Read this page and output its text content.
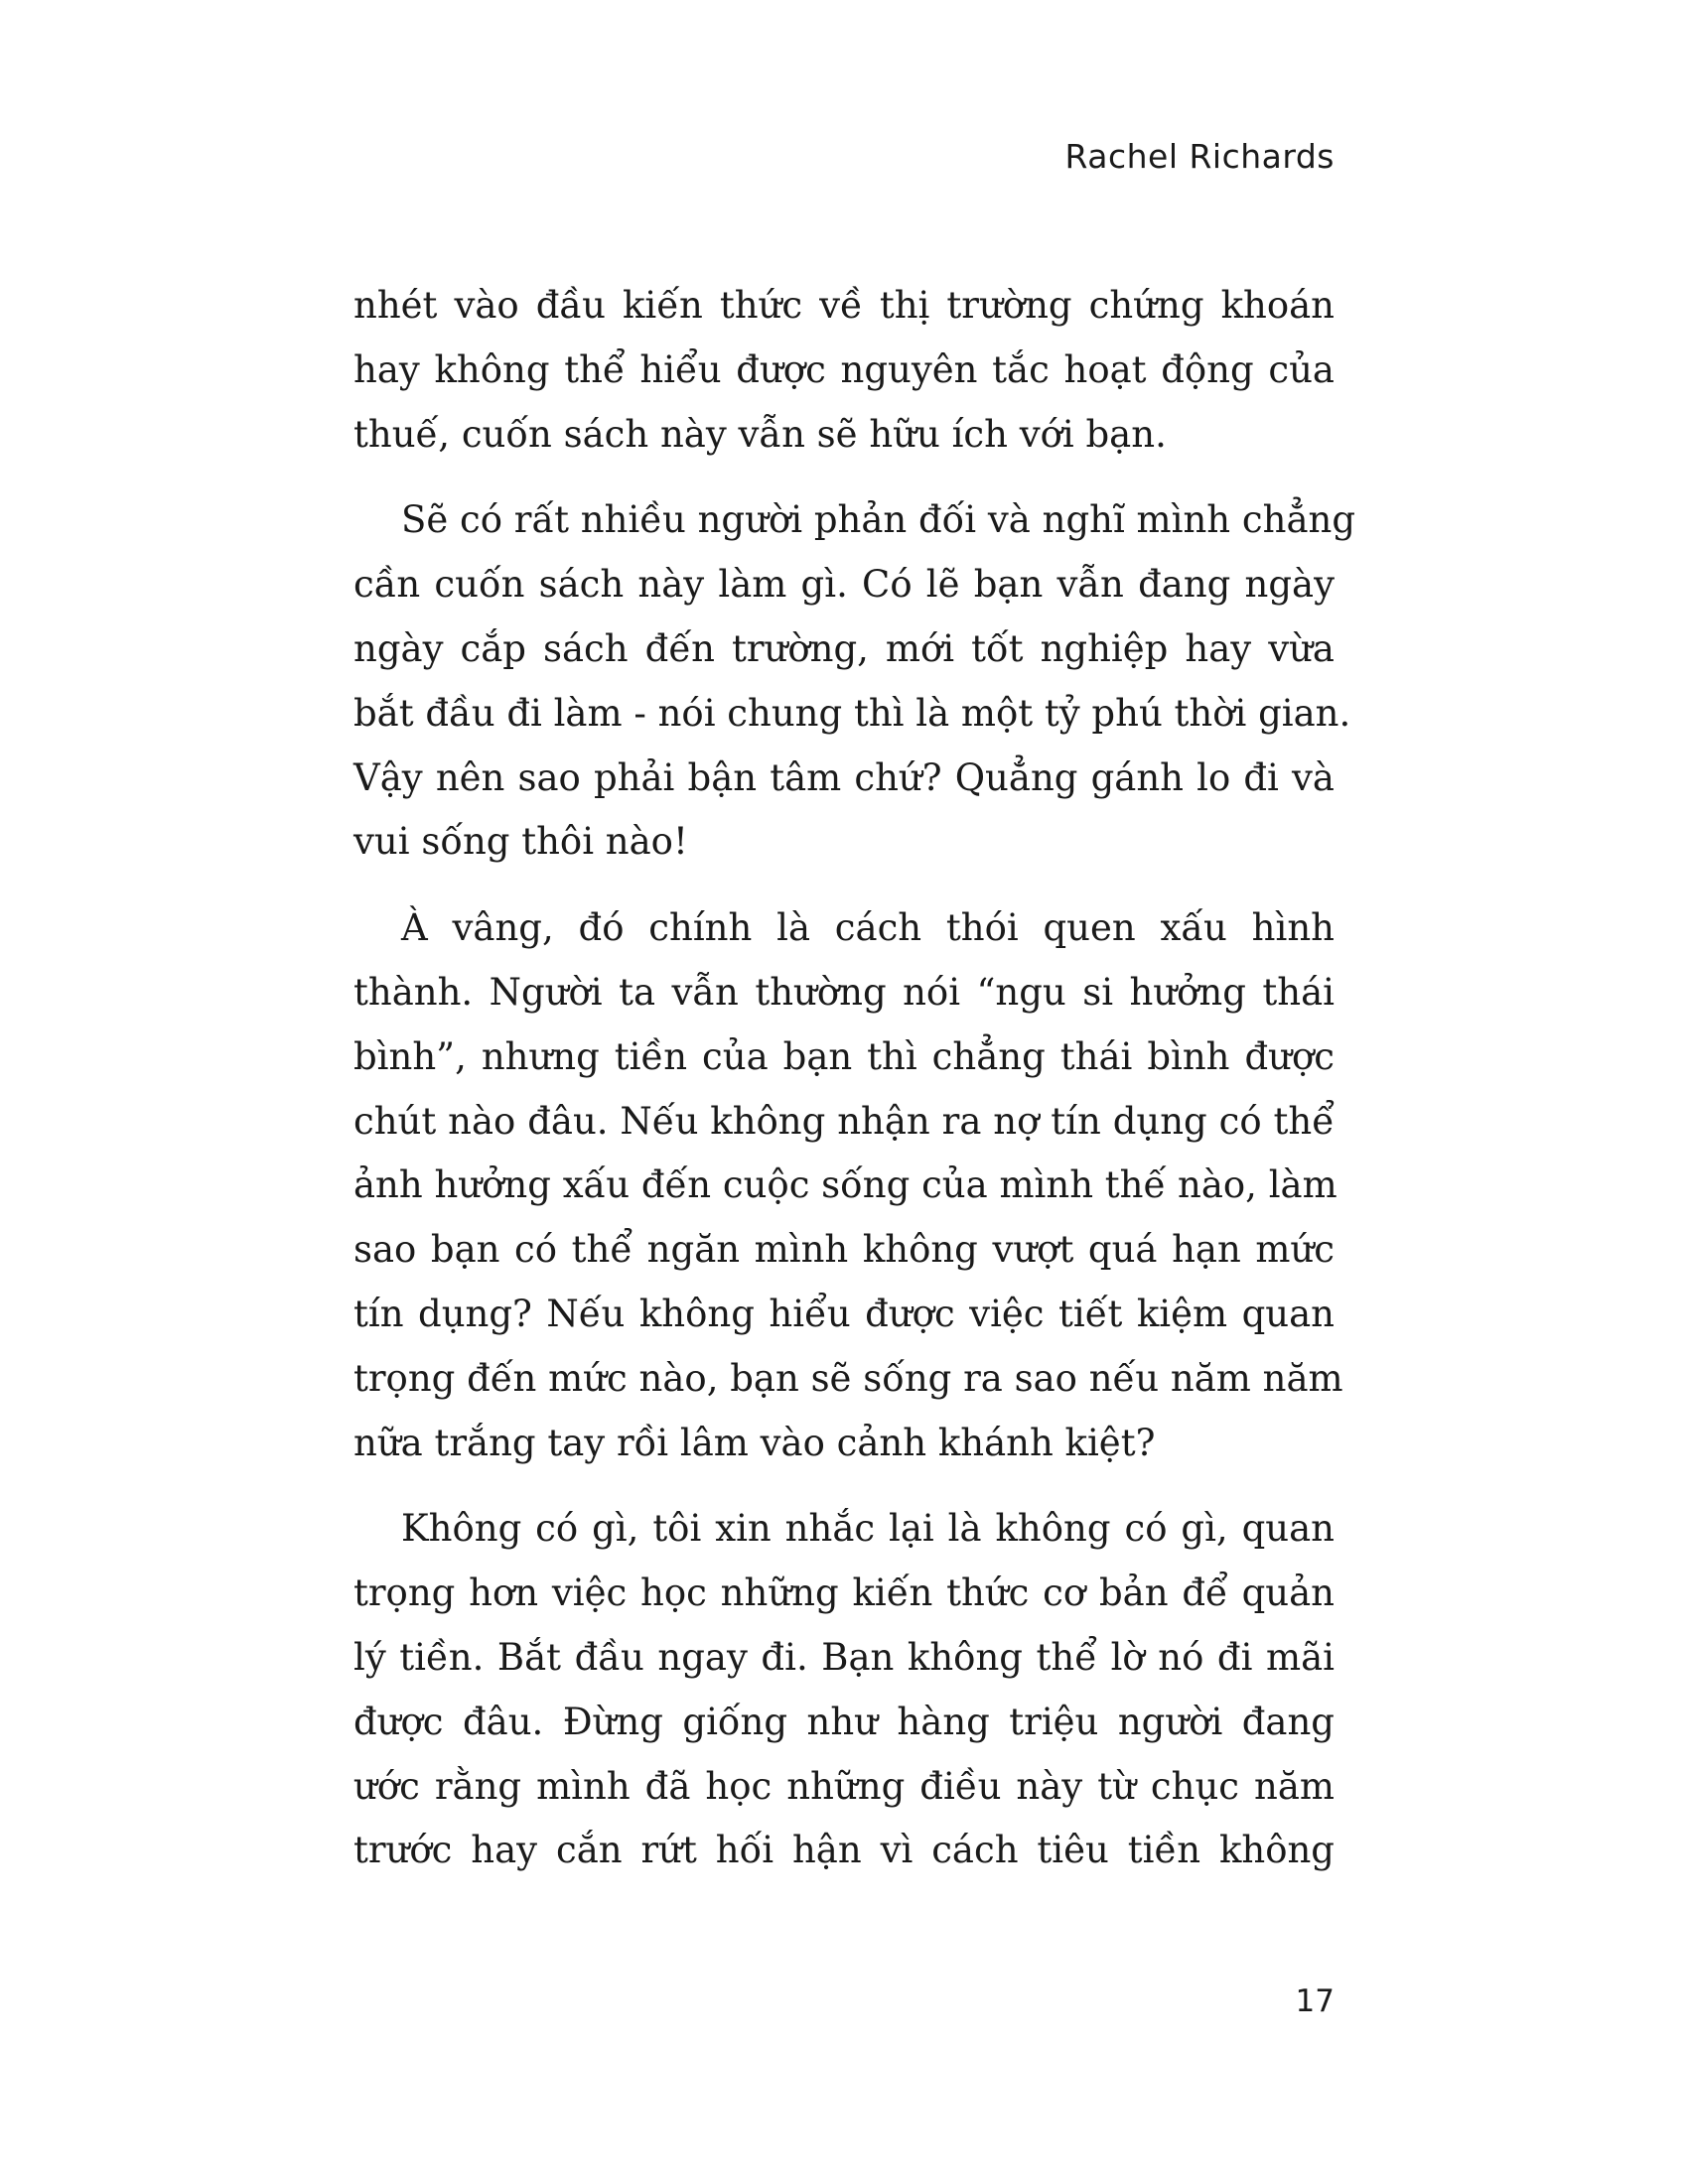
Rachel Richards

nhét vào đầu kiến thức về thị trường chứng khoán
hay không thể hiểu được nguyên tắc hoạt động của
thuế, cuốn sách này vẫn sẽ hữu ích với bạn.

Sẽ có rất nhiều người phản đối và nghĩ mình chẳng
cần cuốn sách này làm gì. Có lẽ bạn vẫn đang ngày
ngày cắp sách đến trường, mới tốt nghiệp hay vừa
bắt đầu đi làm - nói chung thì là một tỷ phú thời gian.
Vậy nên sao phải bận tâm chứ? Quẳng gánh lo đi và
vui sống thôi nào!

À vâng, đó chính là cách thói quen xấu hình
thành. Người ta vẫn thường nói “ngu si hưởng thái
bình”, nhưng tiền của bạn thì chẳng thái bình được
chút nào đâu. Nếu không nhận ra nợ tín dụng có thể
ảnh hưởng xấu đến cuộc sống của mình thế nào, làm
sao bạn có thể ngăn mình không vượt quá hạn mức
tín dụng? Nếu không hiểu được việc tiết kiệm quan
trọng đến mức nào, bạn sẽ sống ra sao nếu năm năm
nữa trắng tay rồi lâm vào cảnh khánh kiệt?

Không có gì, tôi xin nhắc lại là không có gì, quan
trọng hơn việc học những kiến thức cơ bản để quản
lý tiền. Bắt đầu ngay đi. Bạn không thể lờ nó đi mãi
được đâu. Đừng giống như hàng triệu người đang
ước rằng mình đã học những điều này từ chục năm
trước hay cắn rứt hối hận vì cách tiêu tiền không

17
